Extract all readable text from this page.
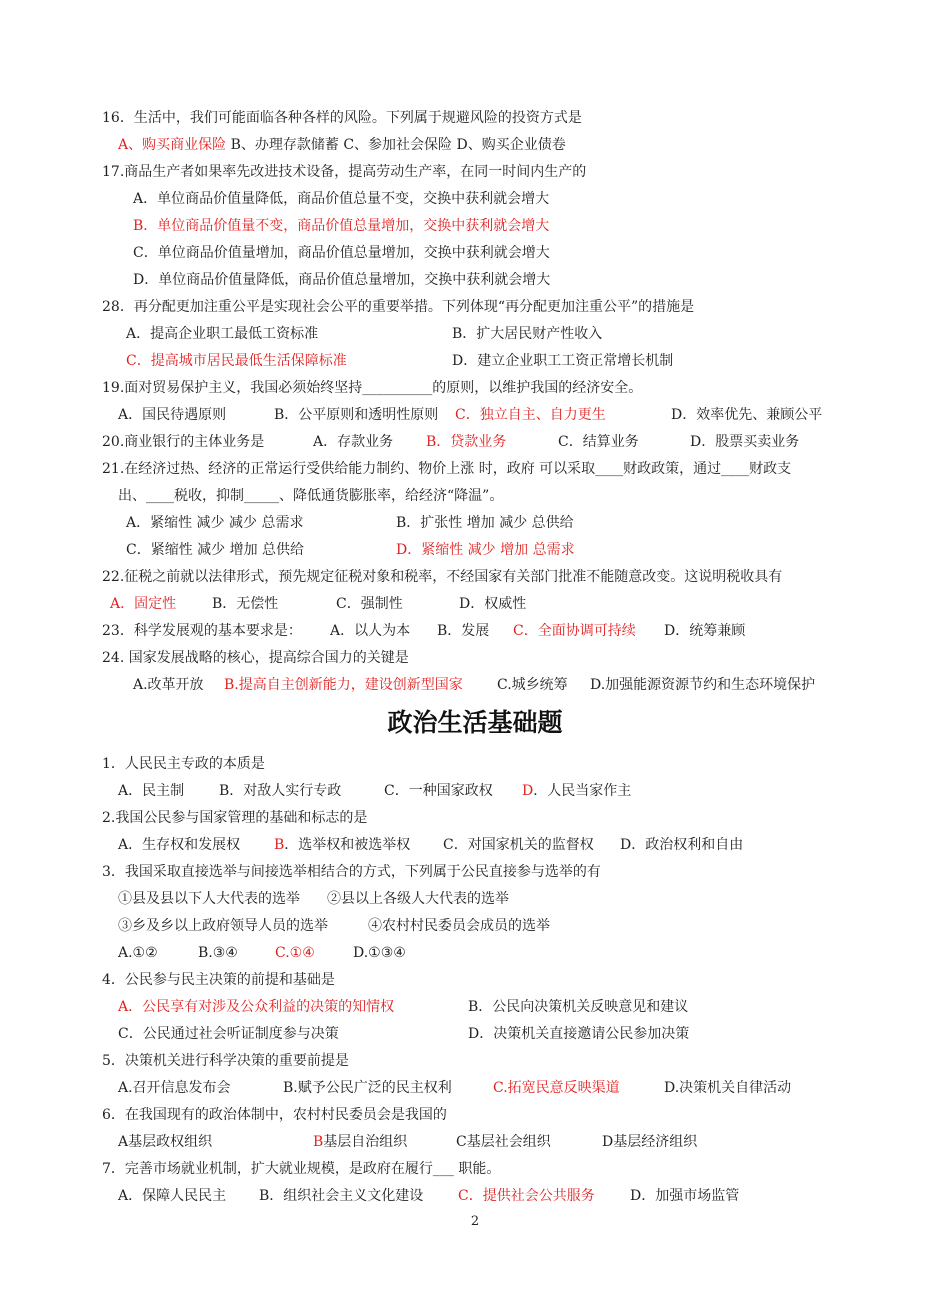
16．生活中，我们可能面临各种各样的风险。下列属于规避风险的投资方式是
A、购买商业保险 B、办理存款储蓄 C、参加社会保险 D、购买企业债卷
17.商品生产者如果率先改进技术设备，提高劳动生产率，在同一时间内生产的
A．单位商品价值量降低，商品价值总量不变，交换中获利就会增大
B．单位商品价值量不变，商品价值总量增加，交换中获利就会增大
C．单位商品价值量增加，商品价值总量增加，交换中获利就会增大
D．单位商品价值量降低，商品价值总量增加，交换中获利就会增大
28．再分配更加注重公平是实现社会公平的重要举措。下列体现“再分配更加注重公平”的措施是
A．提高企业职工最低工资标准	B．扩大居民财产性收入
C．提高城市居民最低生活保障标准	D．建立企业职工工资正常增长机制
19.面对贸易保护主义，我国必须始终坚持__________的原则，以维护我国的经济安全。
A．国民待遇原则	B．公平原则和透明性原则 C．独立自主、自力更生	D．效率优先、兼顾公平
20.商业银行的主体业务是	A．存款业务 B．贷款业务	C．结算业务	D．股票买卖业务
21.在经济过热、经济的正常运行受供给能力制约、物价上涨 时，政府 可以采取____财政政策，通过____财政支
出、____税收，抑制_____、降低通货膨胀率，给经济“降温”。
A．紧缩性 减少 减少 总需求	B．扩张性 增加 减少 总供给
C．紧缩性 减少 增加 总供给	D．紧缩性 减少 增加 总需求
22.征税之前就以法律形式，预先规定征税对象和税率，不经国家有关部门批准不能随意改变。这说明税收具有
A．固定性	B．无偿性	C．强制性	D．权威性
23．科学发展观的基本要求是： A．以人为本 B．发展 C．全面协调可持续 D．统筹兼顾
24. 国家发展战略的核心，提高综合国力的关键是
A.改革开放 B.提高自主创新能力，建设创新型国家 C.城乡统筹 D.加强能源资源节约和生态环境保护
政治生活基础题
1．人民民主专政的本质是
A．民主制 B．对敌人实行专政	C．一种国家政权 D．人民当家作主
2.我国公民参与国家管理的基础和标志的是
A．生存权和发展权 B．选举权和被选举权 C．对国家机关的监督权 D．政治权利和自由
3．我国采取直接选举与间接选举相结合的方式，下列属于公民直接参与选举的有
①县及县以下人大代表的选举 ②县以上各级人大代表的选举
③乡及乡以上政府领导人员的选举	④农村村民委员会成员的选举
A.①②	B.③④	C.①④	D.①③④
4．公民参与民主决策的前提和基础是
A．公民享有对涉及公众利益的决策的知情权	B．公民向决策机关反映意见和建议
C．公民通过社会听证制度参与决策	D．决策机关直接邀请公民参加决策
5．决策机关进行科学决策的重要前提是
A.召开信息发布会	B.赋予公民广泛的民主权利	C.拓宽民意反映渠道	D.决策机关自律活动
6．在我国现有的政治体制中，农村村民委员会是我国的
A基层政权组织	B基层自治组织	C基层社会组织	D基层经济组织
7．完善市场就业机制，扩大就业规模，是政府在履行___ 职能。
A．保障人民民主 B．组织社会主义文化建设 C．提供社会公共服务	D．加强市场监管
2
